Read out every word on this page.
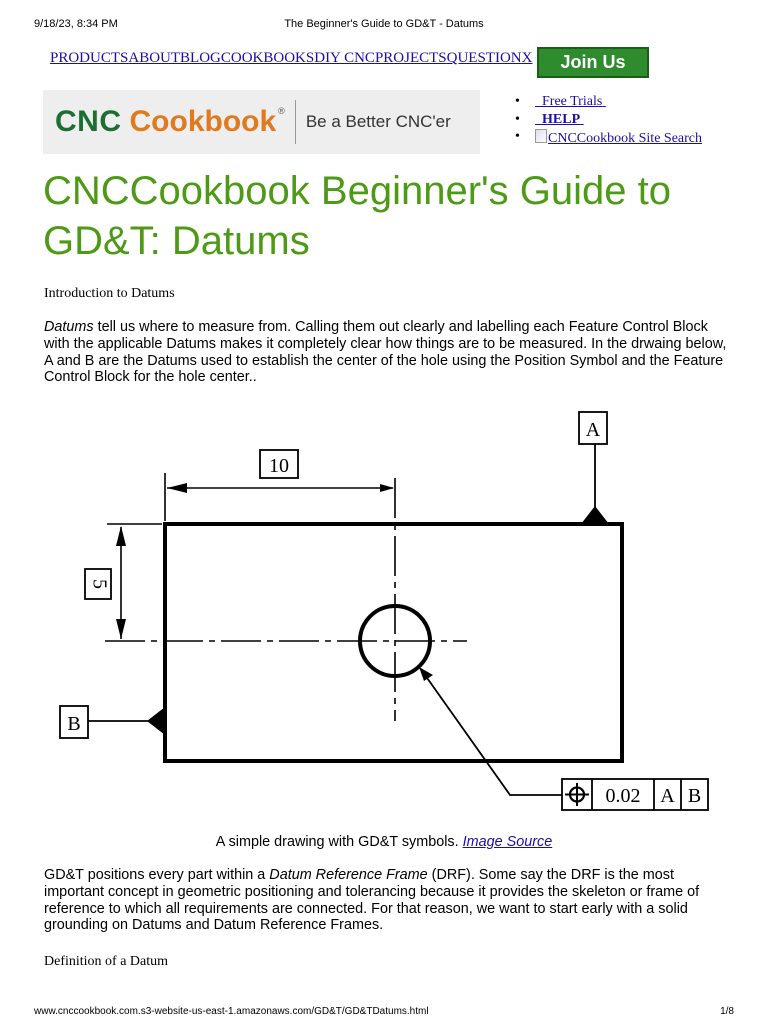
9/18/23, 8:34 PM	The Beginner's Guide to GD&T - Datums
PRODUCTSABOUTBLOGCOOKBOOKSDIY CNCPROJECTSQUESTIONX	Join Us
CNC Cookbook ®
Be a Better CNC'er
•   Free Trials
•   HELP
• CNCCookbook Site Search
CNCCookbook Beginner's Guide to GD&T: Datums

Introduction to Datums

Datums tell us where to measure from. Calling them out clearly and labelling each Feature Control Block with the applicable Datums makes it completely clear how things are to be measured. In the drwaing below, A and B are the Datums used to establish the center of the hole using the Position Symbol and the Feature Control Block for the hole center..

10
5
A
B
0.02 A B
A simple drawing with GD&T symbols. Image Source

GD&T positions every part within a Datum Reference Frame (DRF). Some say the DRF is the most important concept in geometric positioning and tolerancing because it provides the skeleton or frame of reference to which all requirements are connected. For that reason, we want to start early with a solid grounding on Datums and Datum Reference Frames.

Definition of a Datum

www.cnccookbook.com.s3-website-us-east-1.amazonaws.com/GD&T/GD&TDatums.html	1/8
